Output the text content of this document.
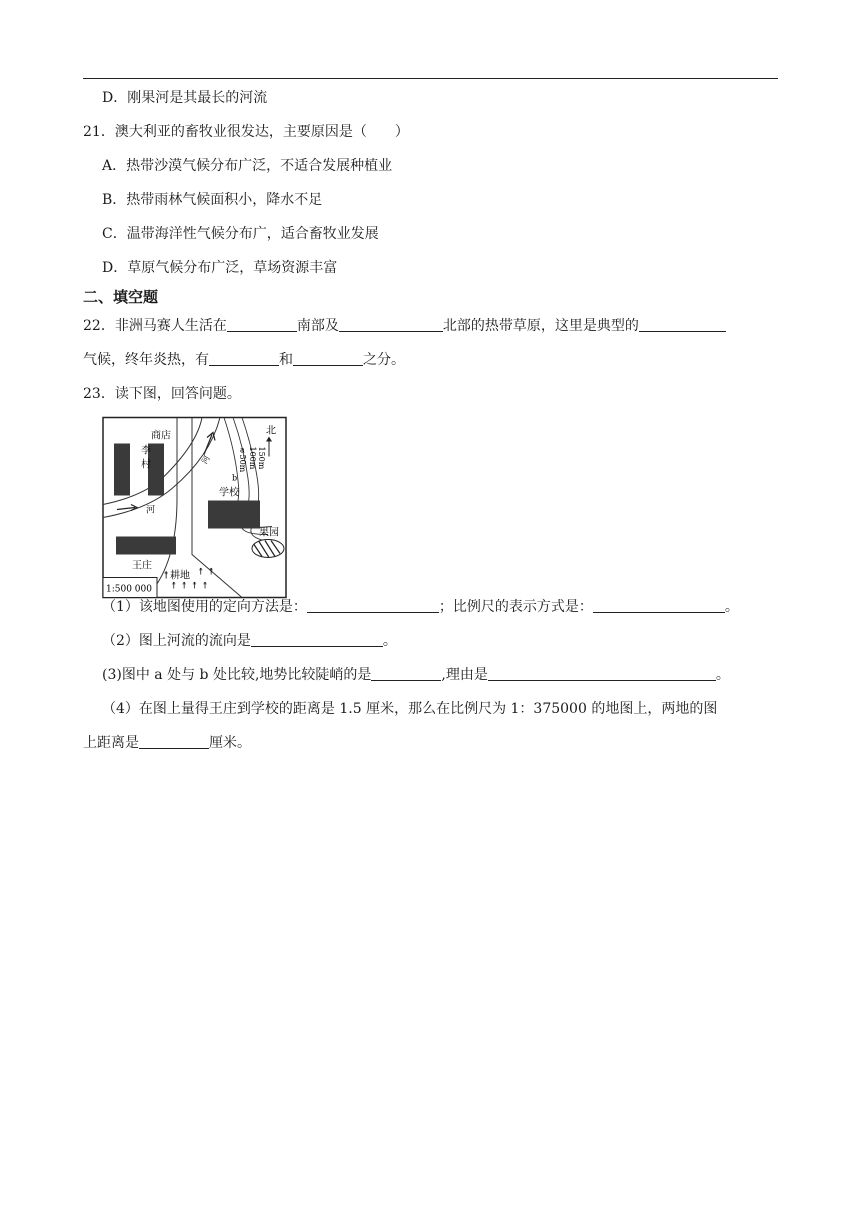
D．刚果河是其最长的河流
21．澳大利亚的畜牧业很发达，主要原因是（　　）
A．热带沙漠气候分布广泛，不适合发展种植业
B．热带雨林气候面积小，降水不足
C．温带海洋性气候分布广，适合畜牧业发展
D．草原气候分布广泛，草场资源丰富
二、填空题
22．非洲马赛人生活在	南部及	北部的热带草原，这里是典型的
气候，终年炎热，有	和	之分。
23．读下图，回答问题。
商店
李
村
北
河
河	150m
100m
50m
a
b
学校
果园
王庄
耕地
↟	↟ ↟
↟ ↟ ↟ ↟
1:500 000
（1）该地图使用的定向方法是：	；比例尺的表示方式是：	。
（2）图上河流的流向是	。
(3)图中 a 处与 b 处比较,地势比较陡峭的是	,理由是	。
（4）在图上量得王庄到学校的距离是 1.5 厘米，那么在比例尺为 1：375000 的地图上，两地的图
上距离是	厘米。
